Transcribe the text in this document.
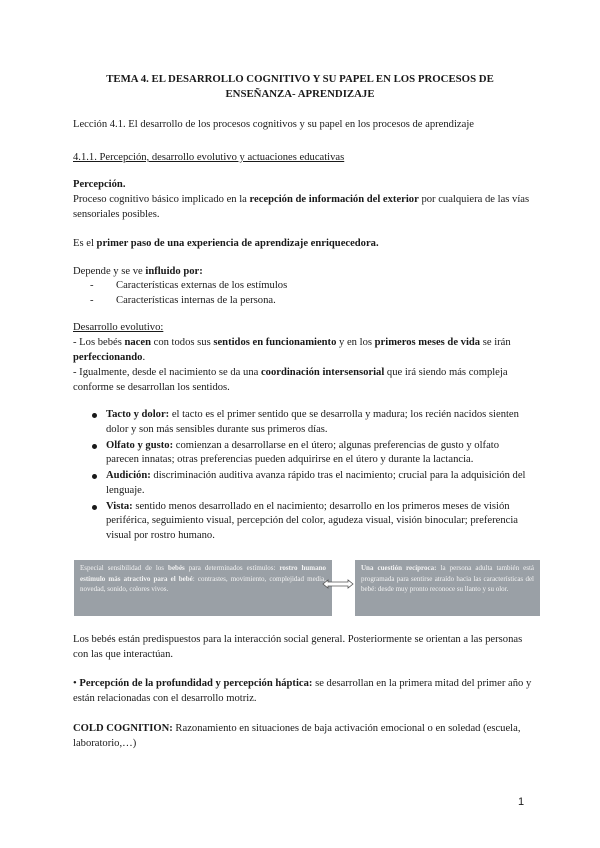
TEMA 4. EL DESARROLLO COGNITIVO Y SU PAPEL EN LOS PROCESOS DE ENSEÑANZA- APRENDIZAJE
Lección 4.1. El desarrollo de los procesos cognitivos y su papel en los procesos de aprendizaje
4.1.1. Percepción, desarrollo evolutivo y actuaciones educativas
Percepción.
Proceso cognitivo básico implicado en la recepción de información del exterior por cualquiera de las vías sensoriales posibles.
Es el primer paso de una experiencia de aprendizaje enriquecedora.
Depende y se ve influido por:
- Características externas de los estímulos
- Características internas de la persona.
Desarrollo evolutivo:
- Los bebés nacen con todos sus sentidos en funcionamiento y en los primeros meses de vida se irán perfeccionando.
- Igualmente, desde el nacimiento se da una coordinación intersensorial que irá siendo más compleja conforme se desarrollan los sentidos.
Tacto y dolor: el tacto es el primer sentido que se desarrolla y madura; los recién nacidos sienten dolor y son más sensibles durante sus primeros días.
Olfato y gusto: comienzan a desarrollarse en el útero; algunas preferencias de gusto y olfato parecen innatas; otras preferencias pueden adquirirse en el útero y durante la lactancia.
Audición: discriminación auditiva avanza rápido tras el nacimiento; crucial para la adquisición del lenguaje.
Vista: sentido menos desarrollado en el nacimiento; desarrollo en los primeros meses de visión periférica, seguimiento visual, percepción del color, agudeza visual, visión binocular; preferencia visual por rostro humano.
Especial sensibilidad de los bebés para determinados estímulos: rostro humano estímulo más atractivo para el bebé: contrastes, movimiento, complejidad media, novedad, sonido, colores vivos.
Una cuestión recíproca: la persona adulta también está programada para sentirse atraído hacia las características del bebé: desde muy pronto reconoce su llanto y su olor.
Los bebés están predispuestos para la interacción social general. Posteriormente se orientan a las personas con las que interactúan.
• Percepción de la profundidad y percepción háptica: se desarrollan en la primera mitad del primer año y están relacionadas con el desarrollo motriz.
COLD COGNITION: Razonamiento en situaciones de baja activación emocional o en soledad (escuela, laboratorio,…)
1
